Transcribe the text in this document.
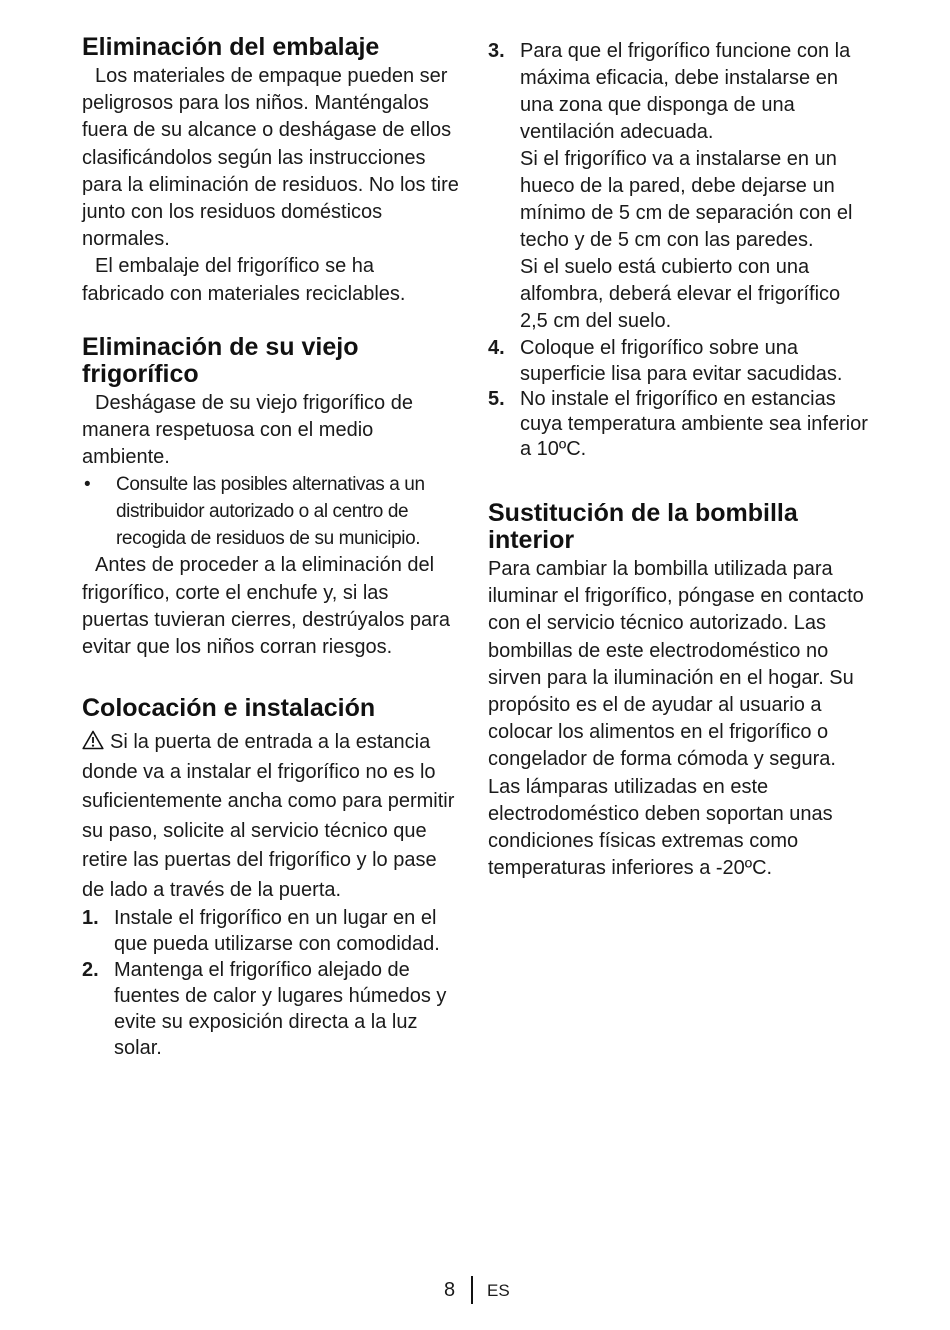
Eliminación del embalaje

Los materiales de empaque pueden ser peligrosos para los niños. Manténgalos fuera de su alcance o deshágase de ellos clasificándolos según las instrucciones para la eliminación de residuos. No los tire junto con los residuos domésticos normales.

El embalaje del frigorífico se ha fabricado con materiales reciclables.

Eliminación de su viejo frigorífico

Deshágase de su viejo frigorífico de manera respetuosa con el medio ambiente.

•	Consulte las posibles alternativas a un distribuidor autorizado o al centro de recogida de residuos de su municipio.

Antes de proceder a la eliminación del frigorífico, corte el enchufe y, si las puertas tuvieran cierres, destrúyalos para evitar que los niños corran riesgos.

Colocación e instalación

Si la puerta de entrada a la estancia donde va a instalar el frigorífico no es lo suficientemente ancha como para permitir su paso, solicite al servicio técnico que retire las puertas del frigorífico y lo pase de lado a través de la puerta.

1. Instale el frigorífico en un lugar en el que pueda utilizarse con comodidad.
2. Mantenga el frigorífico alejado de fuentes de calor y lugares húmedos y evite su exposición directa a la luz solar.
3. Para que el frigorífico funcione con la máxima eficacia, debe instalarse en una zona que disponga de una ventilación adecuada.
Si el frigorífico va a instalarse en un hueco de la pared, debe dejarse un mínimo de 5 cm de separación con el techo y de 5 cm con las paredes.
Si el suelo está cubierto con una alfombra, deberá elevar el frigorífico 2,5 cm del suelo.
4. Coloque el frigorífico sobre una superficie lisa para evitar sacudidas.
5. No instale el frigorífico en estancias cuya temperatura ambiente sea inferior a 10ºC.
Sustitución de la bombilla interior

Para cambiar la bombilla utilizada para iluminar el frigorífico, póngase en contacto con el servicio técnico autorizado. Las bombillas de este electrodoméstico no sirven para la iluminación en el hogar. Su propósito es el de ayudar al usuario a colocar los alimentos en el frigorífico o congelador de forma cómoda y segura. Las lámparas utilizadas en este electrodoméstico deben soportan unas condiciones físicas extremas como temperaturas inferiores a -20ºC.

8 ES
